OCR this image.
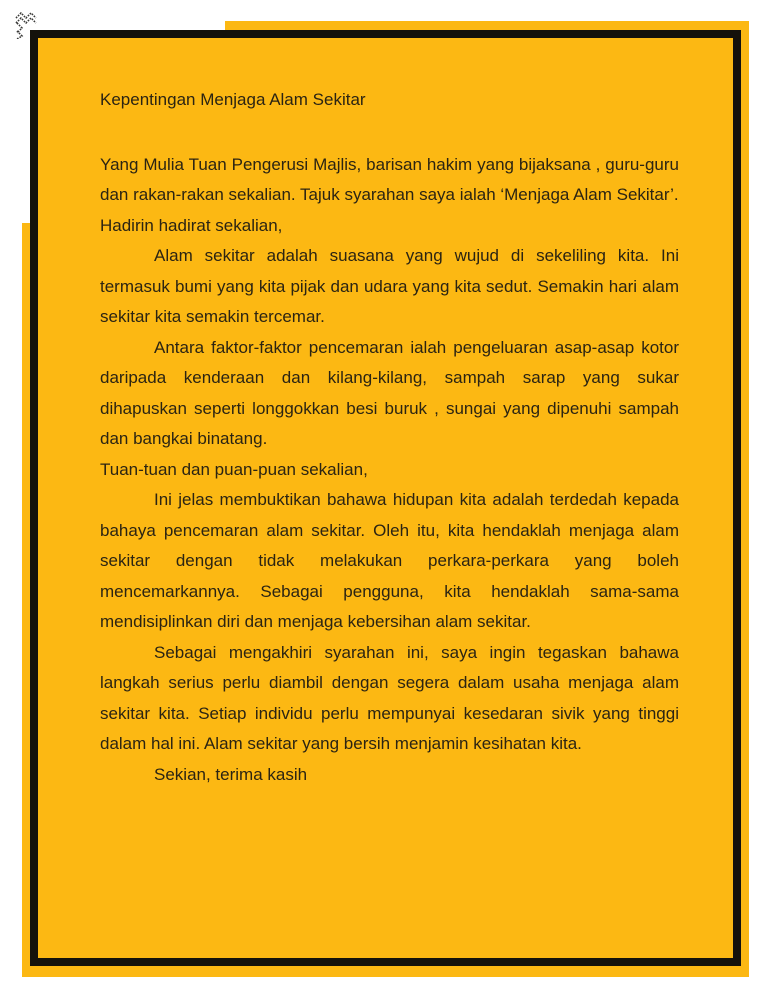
Kepentingan Menjaga Alam Sekitar

Yang Mulia Tuan Pengerusi Majlis, barisan hakim yang bijaksana , guru-guru dan rakan-rakan sekalian. Tajuk syarahan saya ialah ‘Menjaga Alam Sekitar’.

Hadirin hadirat sekalian,

Alam sekitar adalah suasana yang wujud di sekeliling kita. Ini termasuk bumi yang kita pijak dan udara yang kita sedut. Semakin hari alam sekitar kita semakin tercemar.

Antara faktor-faktor pencemaran ialah pengeluaran asap-asap kotor daripada kenderaan dan kilang-kilang, sampah sarap yang sukar dihapuskan seperti longgokkan besi buruk , sungai yang dipenuhi sampah dan bangkai binatang.

Tuan-tuan dan puan-puan sekalian,

Ini jelas membuktikan bahawa hidupan kita adalah terdedah kepada bahaya pencemaran alam sekitar. Oleh itu, kita hendaklah menjaga alam sekitar dengan tidak melakukan perkara-perkara yang boleh mencemarkannya. Sebagai pengguna, kita hendaklah sama-sama mendisiplinkan diri dan menjaga kebersihan alam sekitar.

Sebagai mengakhiri syarahan ini, saya ingin tegaskan bahawa langkah serius perlu diambil dengan segera dalam usaha menjaga alam sekitar kita. Setiap individu perlu mempunyai kesedaran sivik yang tinggi dalam hal ini. Alam sekitar yang bersih menjamin kesihatan kita.

Sekian, terima kasih
